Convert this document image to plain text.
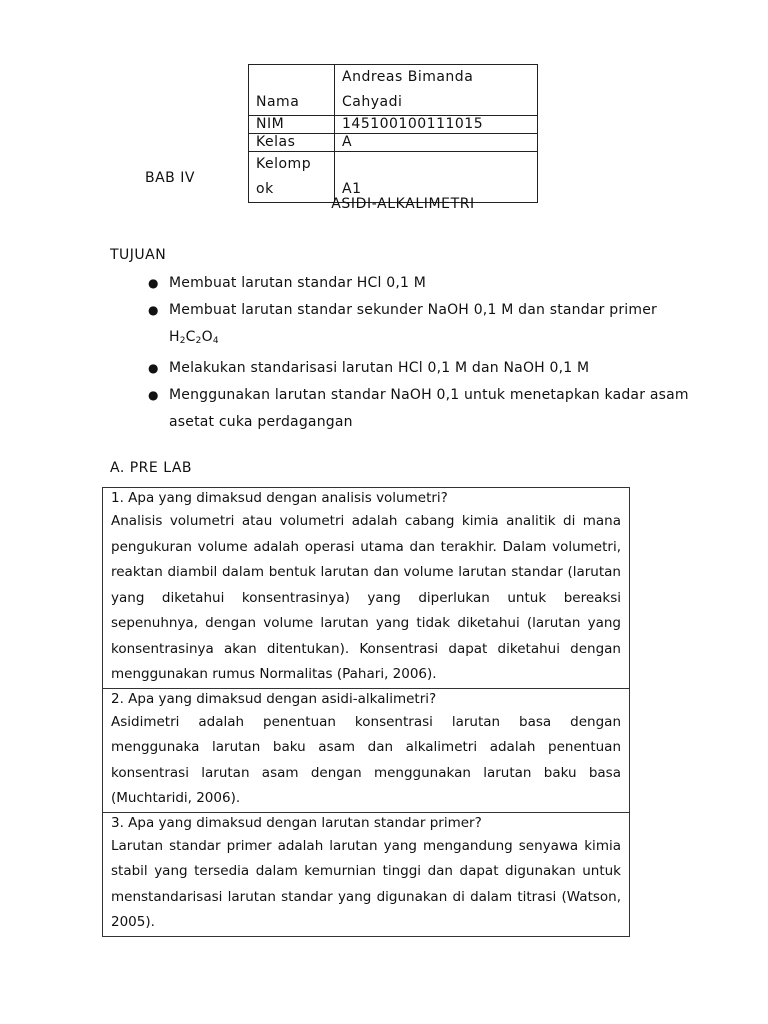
Nama	Andreas Bimanda
Cahyadi

NIM	145100100111015
Kelas	A

Kelomp
ok	A1
BAB IV
ASIDI-ALKALIMETRI
TUJUAN
● Membuat larutan standar HCl 0,1 M
● Membuat larutan standar sekunder NaOH 0,1 M dan standar primer
$H_2C_2O_4$
● Melakukan standarisasi larutan HCl 0,1 M dan NaOH 0,1 M
● Menggunakan larutan standar NaOH 0,1 untuk menetapkan kadar asam asetat cuka perdagangan
A. PRE LAB
1. Apa yang dimaksud dengan analisis volumetri?
Analisis volumetri atau volumetri adalah cabang kimia analitik di mana pengukuran volume adalah operasi utama dan terakhir. Dalam volumetri, reaktan diambil dalam bentuk larutan dan volume larutan standar (larutan yang diketahui konsentrasinya) yang diperlukan untuk bereaksi sepenuhnya, dengan volume larutan yang tidak diketahui (larutan yang konsentrasinya akan ditentukan). Konsentrasi dapat diketahui dengan menggunakan rumus Normalitas (Pahari, 2006).
2. Apa yang dimaksud dengan asidi-alkalimetri?
Asidimetri adalah penentuan konsentrasi larutan basa dengan menggunaka larutan baku asam dan alkalimetri adalah penentuan konsentrasi larutan asam dengan menggunakan larutan baku basa (Muchtaridi, 2006).
3. Apa yang dimaksud dengan larutan standar primer?
Larutan standar primer adalah larutan yang mengandung senyawa kimia stabil yang tersedia dalam kemurnian tinggi dan dapat digunakan untuk menstandarisasi larutan standar yang digunakan di dalam titrasi (Watson, 2005).
